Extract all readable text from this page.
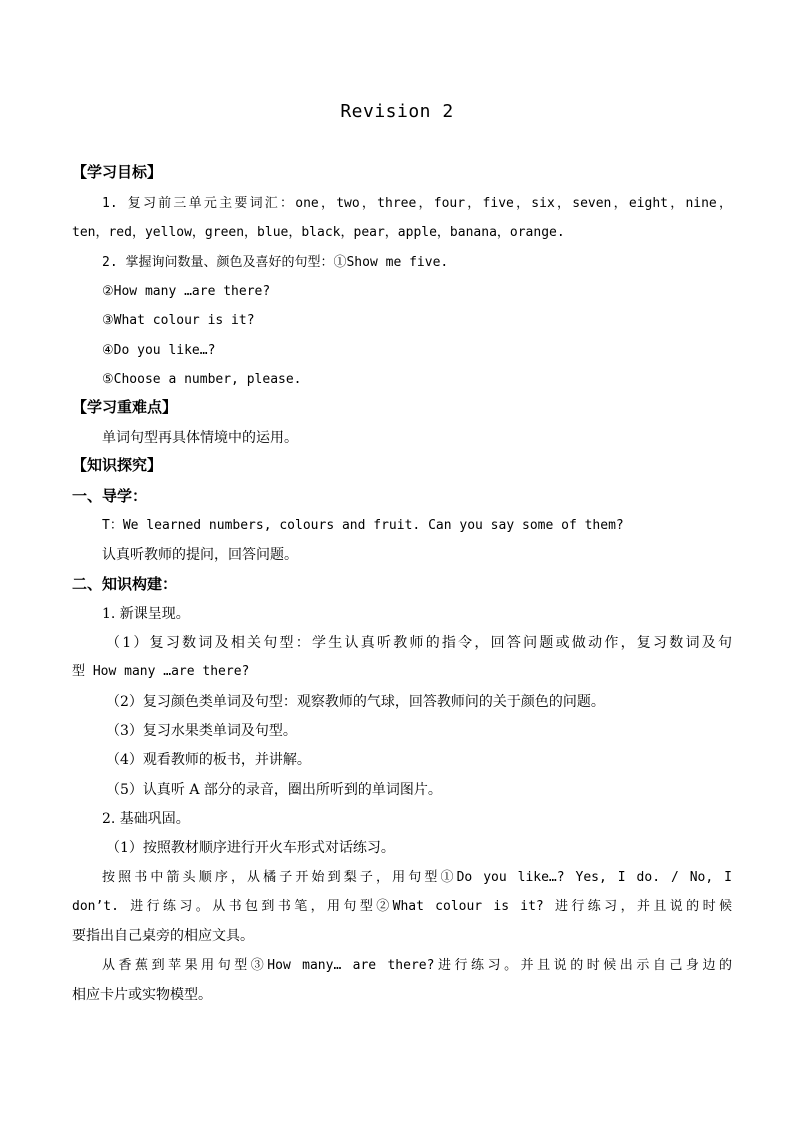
Revision 2
【学习目标】
1. 复习前三单元主要词汇：one，two，three，four，five，six，seven，eight，nine，
ten，red，yellow，green，blue，black，pear，apple，banana，orange.
2. 掌握询问数量、颜色及喜好的句型：①Show me five.
②How many …are there?
③What colour is it?
④Do you like…?
⑤Choose a number, please.
【学习重难点】
单词句型再具体情境中的运用。
【知识探究】
一、导学：
T：We learned numbers, colours and fruit. Can you say some of them?
认真听教师的提问，回答问题。
二、知识构建：
1. 新课呈现。
（1）复习数词及相关句型：学生认真听教师的指令，回答问题或做动作，复习数词及句
型 How many …are there?
（2）复习颜色类单词及句型：观察教师的气球，回答教师问的关于颜色的问题。
（3）复习水果类单词及句型。
（4）观看教师的板书，并讲解。
（5）认真听 A 部分的录音，圈出所听到的单词图片。
2. 基础巩固。
（1）按照教材顺序进行开火车形式对话练习。
按照书中箭头顺序，从橘子开始到梨子，用句型①Do you like…? Yes, I do. / No, I
don’t. 进行练习。从书包到书笔，用句型②What colour is it? 进行练习，并且说的时候
要指出自己桌旁的相应文具。
从香蕉到苹果用句型③How many… are there?进行练习。并且说的时候出示自己身边的
相应卡片或实物模型。
